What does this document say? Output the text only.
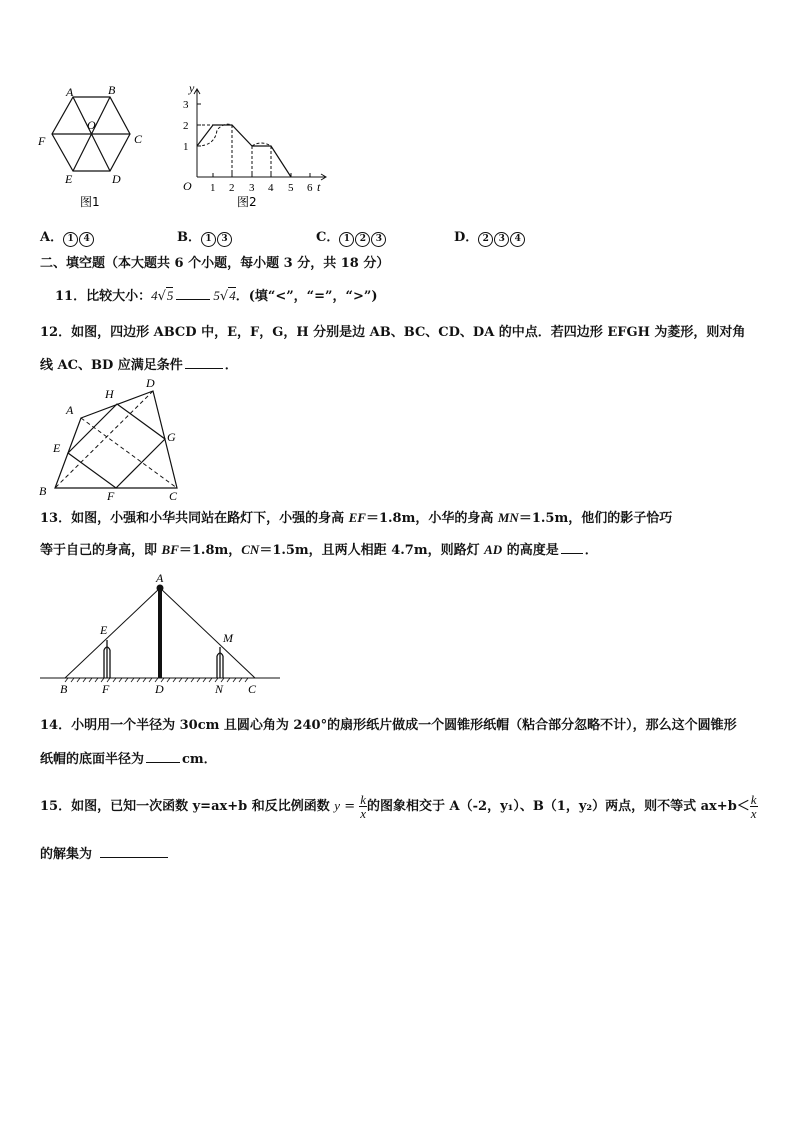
A	B
C
D
E
F
O
图1
y
t
O
1
2
3
1 2 3 4 5 6
图2
A． 1 4	B． 1 3	C． 1 2 3	D． 2 3 4
二、填空题（本大题共 6 个小题，每小题 3 分，共 18 分）
11．比较大小：4√5	5√4．(填“<”，“=”，“>”)
12．如图，四边形 ABCD 中，E，F，G，H 分别是边 AB、BC、CD、DA 的中点．若四边形 EFGH 为菱形，则对角
线 AC、BD 应满足条件	．
A
H
D
G
E
B	F	C
13．如图，小强和小华共同站在路灯下，小强的身高 EF＝1.8m，小华的身高 MN＝1.5m，他们的影子恰巧
等于自己的身高，即 BF＝1.8m，CN＝1.5m，且两人相距 4.7m，则路灯 AD 的高度是 ．
A
E
M
B	F	D	N C
14．小明用一个半径为 30cm 且圆心角为 240°的扇形纸片做成一个圆锥形纸帽（粘合部分忽略不计），那么这个圆锥形
纸帽的底面半径为	cm．
15．如图，已知一次函数 y=ax+b 和反比例函数 $y = \frac{k}{x}$ 的图象相交于 A（-2，y₁）、B（1，y₂）两点，则不等式 $ax+b< \frac{k}{x}$
的解集为
